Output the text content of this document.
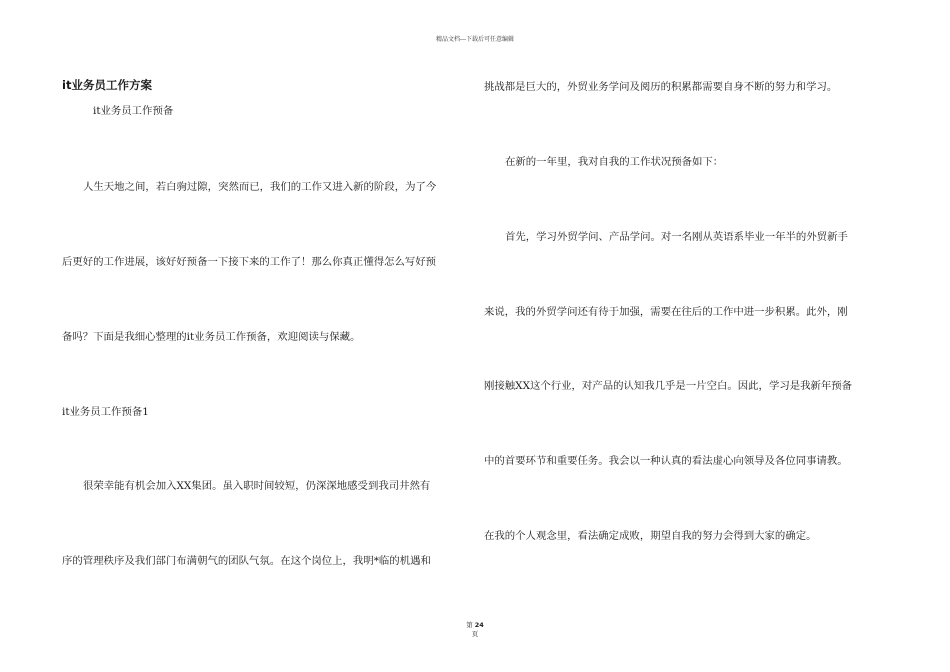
精品文档---下载后可任意编辑
it业务员工作方案
it业务员工作预备
人生天地之间，若白驹过隙，突然而已，我们的工作又进入新的阶段，为了今
后更好的工作进展，该好好预备一下接下来的工作了！那么你真正懂得怎么写好预
备吗？下面是我细心整理的it业务员工作预备，欢迎阅读与保藏。
it业务员工作预备1
很荣幸能有机会加入XX集团。虽入职时间较短，仍深深地感受到我司井然有
序的管理秩序及我们部门布满朝气的团队气氛。在这个岗位上，我明*临的机遇和
挑战都是巨大的，外贸业务学问及阅历的积累都需要自身不断的努力和学习。
在新的一年里，我对自我的工作状况预备如下：
首先，学习外贸学问、产品学问。对一名刚从英语系毕业一年半的外贸新手
来说，我的外贸学问还有待于加强，需要在往后的工作中进一步积累。此外，刚
刚接触XX这个行业，对产品的认知我几乎是一片空白。因此，学习是我新年预备
中的首要环节和重要任务。我会以一种认真的看法虚心向领导及各位同事请教。
在我的个人观念里，看法确定成败，期望自我的努力会得到大家的确定。
第 24
页
